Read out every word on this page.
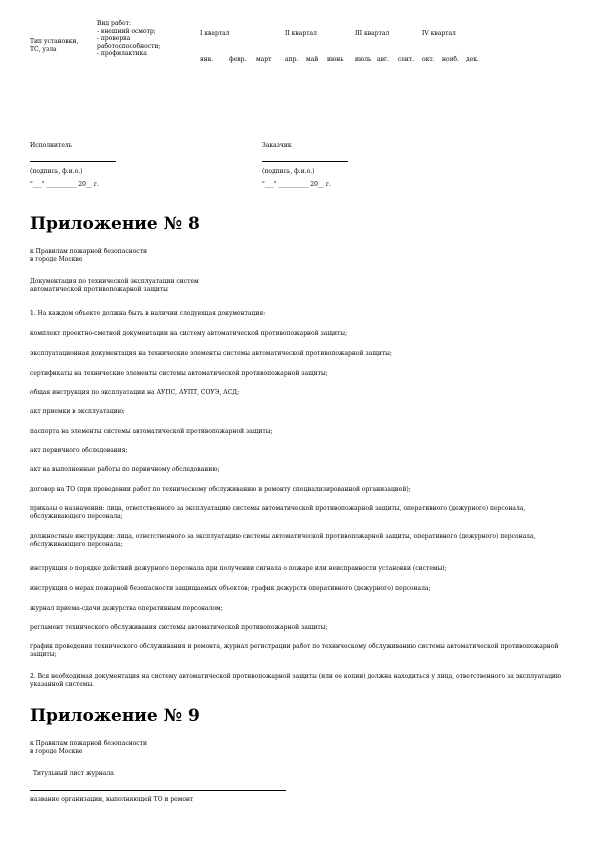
Тип установки,
ТС, узла
Вид работ:
- внешний осмотр;
- проверка
работоспособности;
- профилактика
I квартал	II квартал	III квартал	IV квартал
янв.	февр. март апр. май июнь июль авг. сент. окт. нояб. дек.
Исполнитель
(подпись, ф.и.о.)
"___" __________ 20__ г.
Заказчик
(подпись, ф.и.о.)
"___" __________ 20__ г.
Приложение № 8
к Правилам пожарной безопасности
в городе Москве
Документация по технической эксплуатации систем
автоматической противопожарной защиты
1. На каждом объекте должна быть в наличии следующая документация:
комплект проектно-сметной документации на систему автоматической противопожарной защиты;
эксплуатационная документация на технические элементы системы автоматической противопожарной защиты;
сертификаты на технические элементы системы автоматической противопожарной защиты;
общая инструкция по эксплуатации на АУПС, АУПТ, СОУЭ, АСД;
акт приемки в эксплуатацию;
паспорта на элементы системы автоматической противопожарной защиты;
акт первичного обследования;
акт на выполненные работы по первичному обследованию;
договор на ТО (при проведении работ по техническому обслуживанию и ремонту специализированной организацией);
приказы о назначении: лица, ответственного за эксплуатацию системы автоматической противопожарной защиты, оперативного (дежурного) персонала, обслуживающего персонала;
должностные инструкции: лица, ответственного за эксплуатацию системы автоматической противопожарной защиты, оперативного (дежурного) персонала, обслуживающего персонала;
инструкция о порядке действий дежурного персонала при получении сигнала о пожаре или неисправности установки (системы);
инструкция о мерах пожарной безопасности защищаемых объектов; график дежурств оперативного (дежурного) персонала;
журнал приема-сдачи дежурства оперативным персоналом;
регламент технического обслуживания системы автоматической противопожарной защиты;
график проведения технического обслуживания и ремонта, журнал регистрации работ по техническому обслуживанию системы автоматической противопожарной защиты;
2. Вся необходимая документация на систему автоматической противопожарной защиты (или ее копии) должна находиться у лица, ответственного за эксплуатацию указанной системы.
Приложение № 9
к Правилам пожарной безопасности
в городе Москве
Титульный лист журнала
название организации, выполняющей ТО и ремонт
